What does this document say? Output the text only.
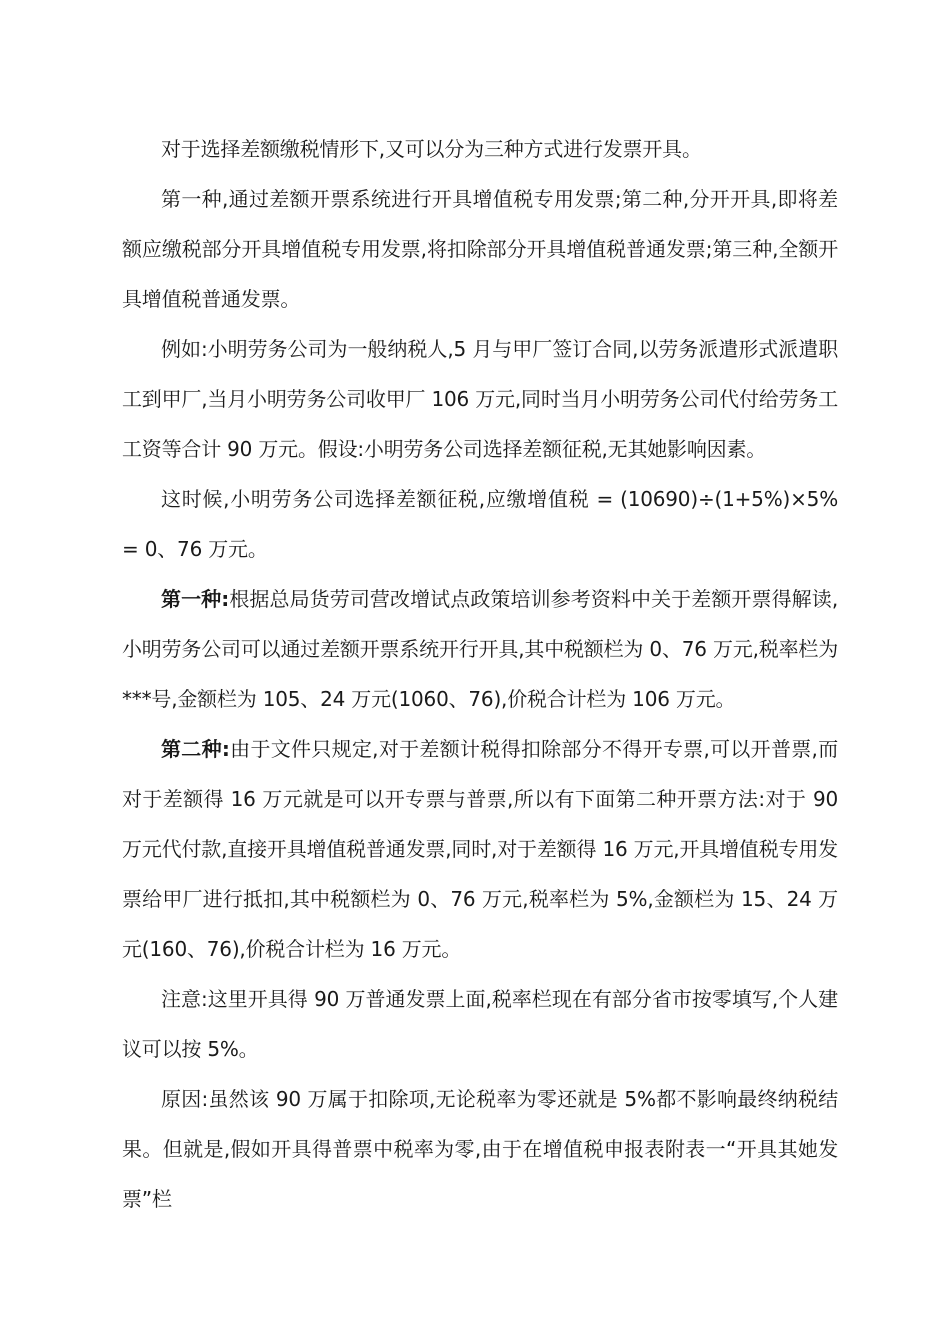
对于选择差额缴税情形下,又可以分为三种方式进行发票开具。

第一种,通过差额开票系统进行开具增值税专用发票;第二种,分开开具,即将差额应缴税部分开具增值税专用发票,将扣除部分开具增值税普通发票;第三种,全额开具增值税普通发票。

例如:小明劳务公司为一般纳税人,5 月与甲厂签订合同,以劳务派遣形式派遣职工到甲厂,当月小明劳务公司收甲厂 106 万元,同时当月小明劳务公司代付给劳务工工资等合计 90 万元。假设:小明劳务公司选择差额征税,无其她影响因素。

这时候,小明劳务公司选择差额征税,应缴增值税 = (10690)÷(1+5%)×5% = 0、76 万元。

第一种:根据总局货劳司营改增试点政策培训参考资料中关于差额开票得解读,小明劳务公司可以通过差额开票系统开行开具,其中税额栏为 0、76 万元,税率栏为***号,金额栏为 105、24 万元(1060、76),价税合计栏为 106 万元。

第二种:由于文件只规定,对于差额计税得扣除部分不得开专票,可以开普票,而对于差额得 16 万元就是可以开专票与普票,所以有下面第二种开票方法:对于 90 万元代付款,直接开具增值税普通发票,同时,对于差额得 16 万元,开具增值税专用发票给甲厂进行抵扣,其中税额栏为 0、76 万元,税率栏为 5%,金额栏为 15、24 万元(160、76),价税合计栏为 16 万元。

注意:这里开具得 90 万普通发票上面,税率栏现在有部分省市按零填写,个人建议可以按 5%。

原因:虽然该 90 万属于扣除项,无论税率为零还就是 5%都不影响最终纳税结果。但就是,假如开具得普票中税率为零,由于在增值税申报表附表一“开具其她发票”栏
